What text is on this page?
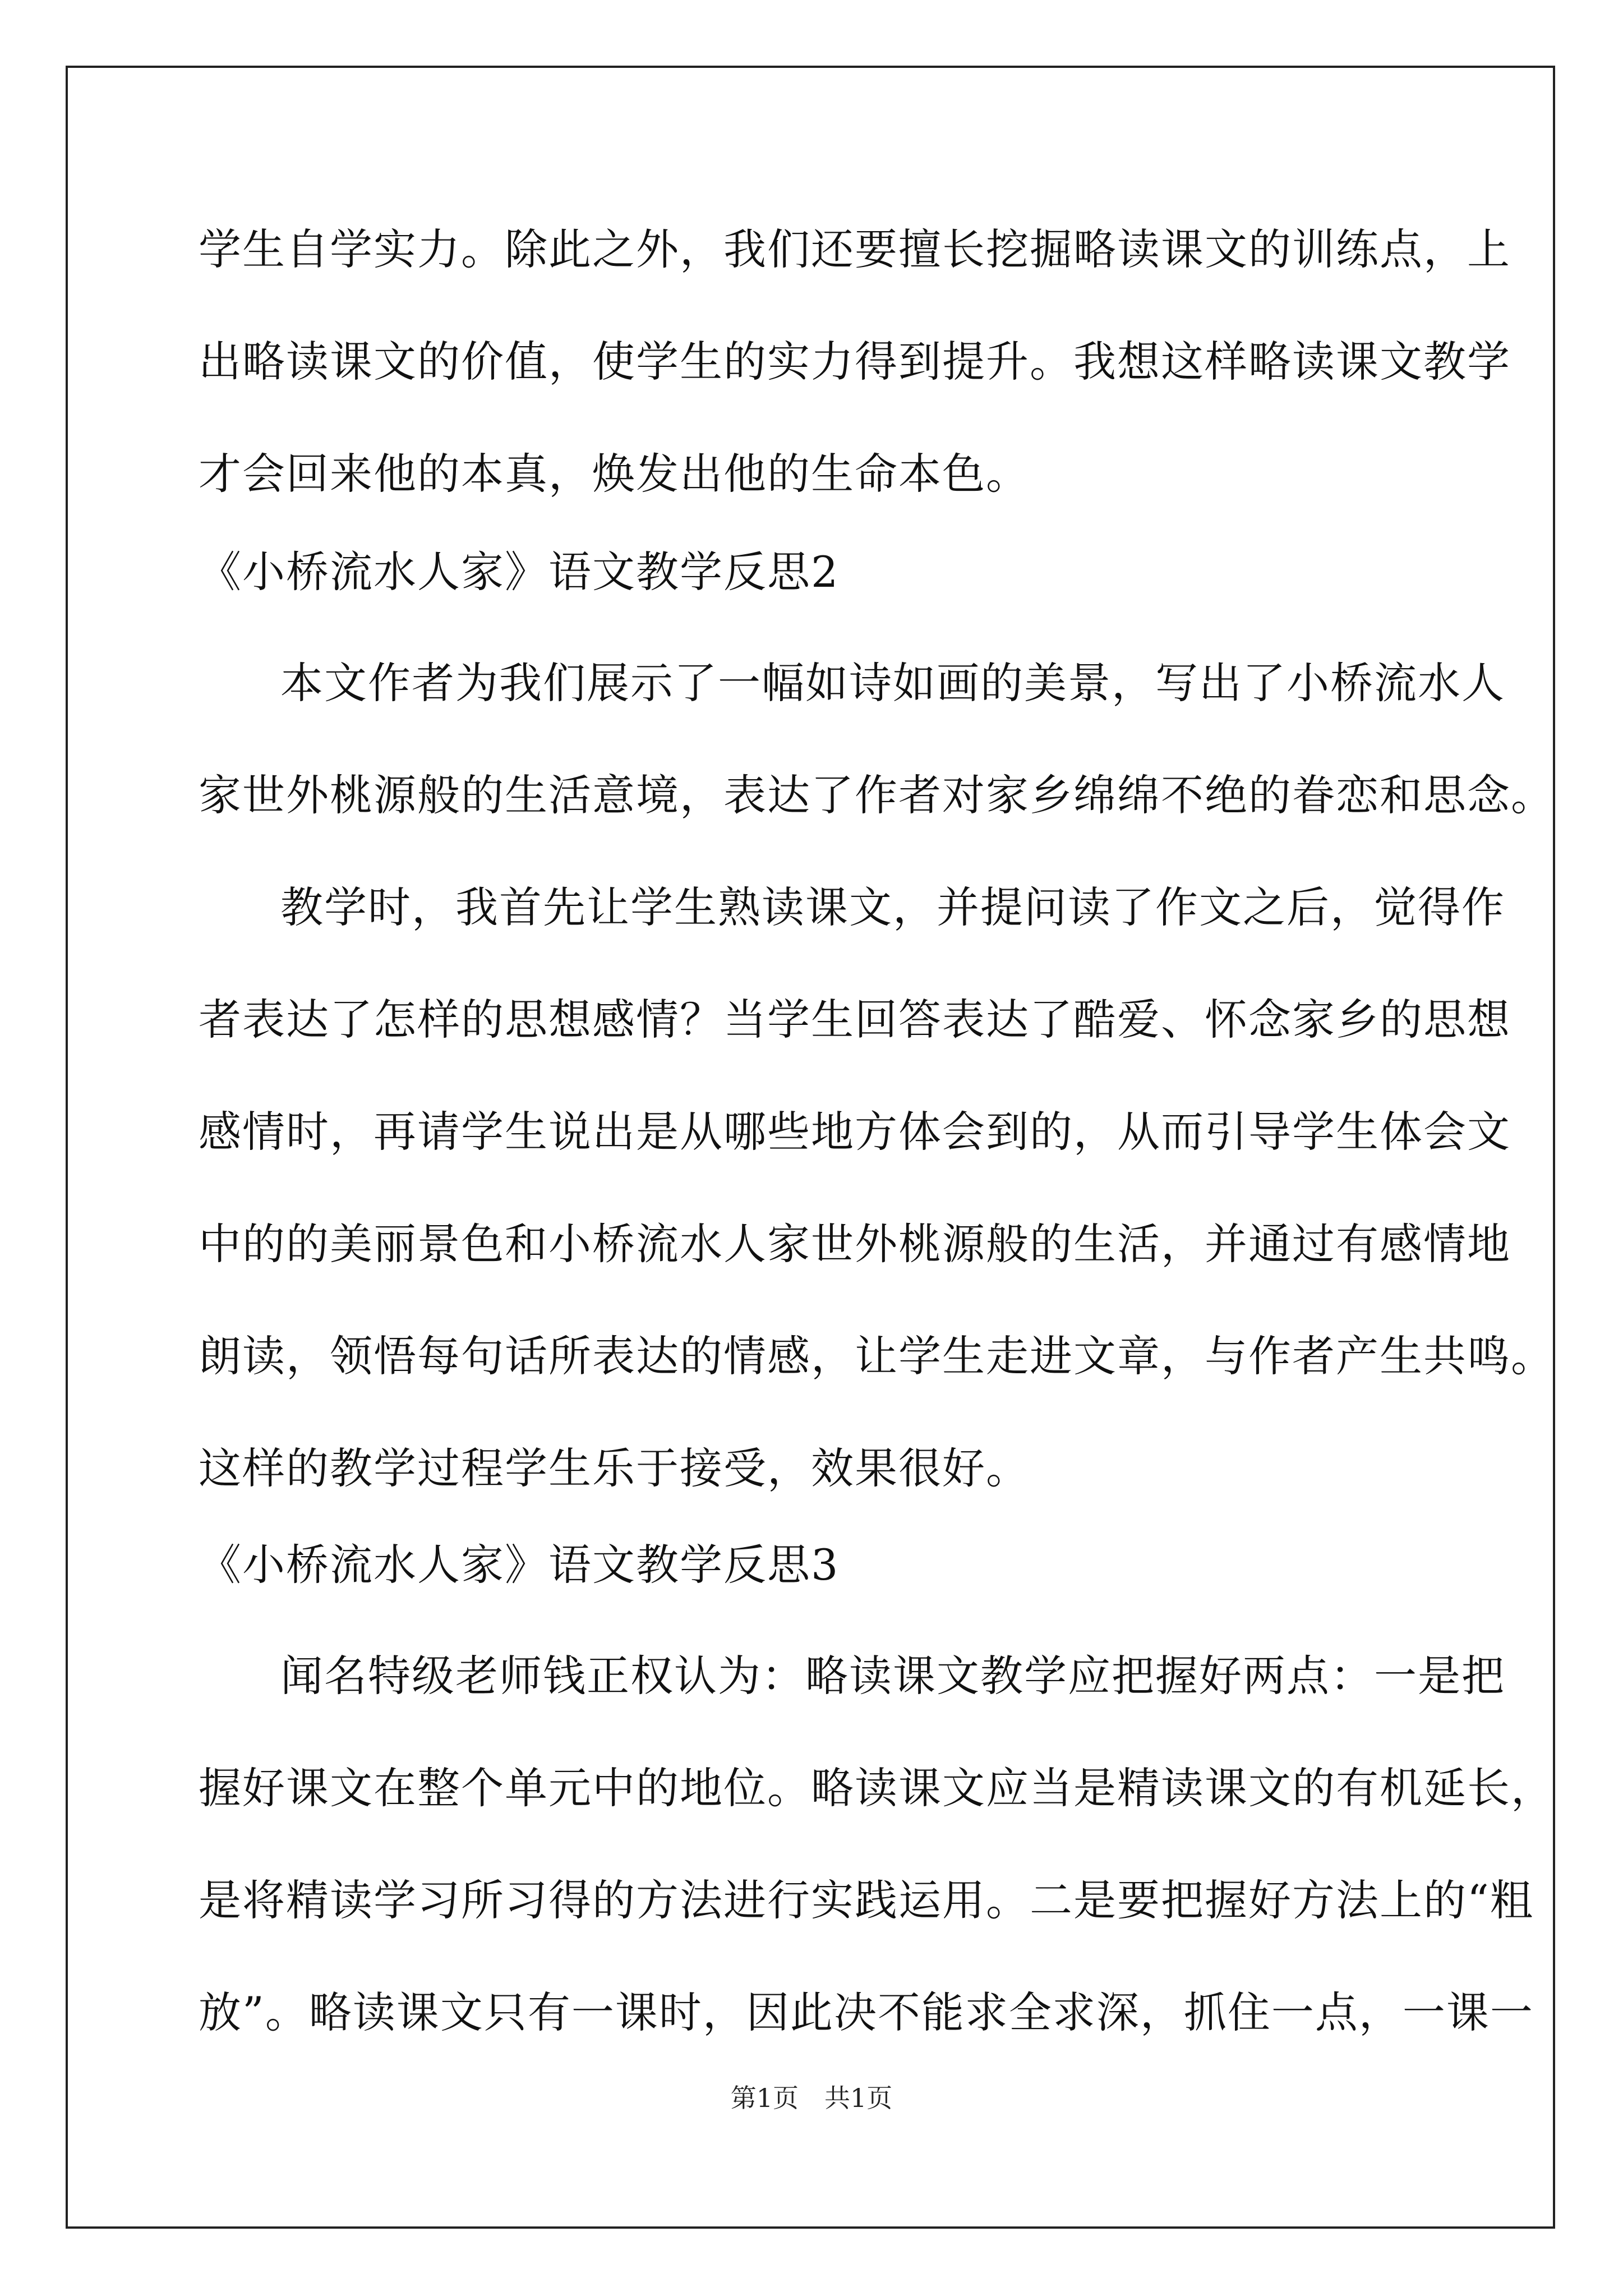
学生自学实力。除此之外，我们还要擅长挖掘略读课文的训练点，上
出略读课文的价值，使学生的实力得到提升。我想这样略读课文教学
才会回来他的本真，焕发出他的生命本色。
《小桥流水人家》语文教学反思2
本文作者为我们展示了一幅如诗如画的美景，写出了小桥流水人
家世外桃源般的生活意境，表达了作者对家乡绵绵不绝的眷恋和思念。
教学时，我首先让学生熟读课文，并提问读了作文之后，觉得作
者表达了怎样的思想感情？当学生回答表达了酷爱、怀念家乡的思想
感情时，再请学生说出是从哪些地方体会到的，从而引导学生体会文
中的的美丽景色和小桥流水人家世外桃源般的生活，并通过有感情地
朗读，领悟每句话所表达的情感，让学生走进文章，与作者产生共鸣。
这样的教学过程学生乐于接受，效果很好。
《小桥流水人家》语文教学反思3
闻名特级老师钱正权认为：略读课文教学应把握好两点：一是把
握好课文在整个单元中的地位。略读课文应当是精读课文的有机延长，
是将精读学习所习得的方法进行实践运用。二是要把握好方法上的“粗
放”。略读课文只有一课时，因此决不能求全求深，抓住一点，一课一
第1页　共1页
